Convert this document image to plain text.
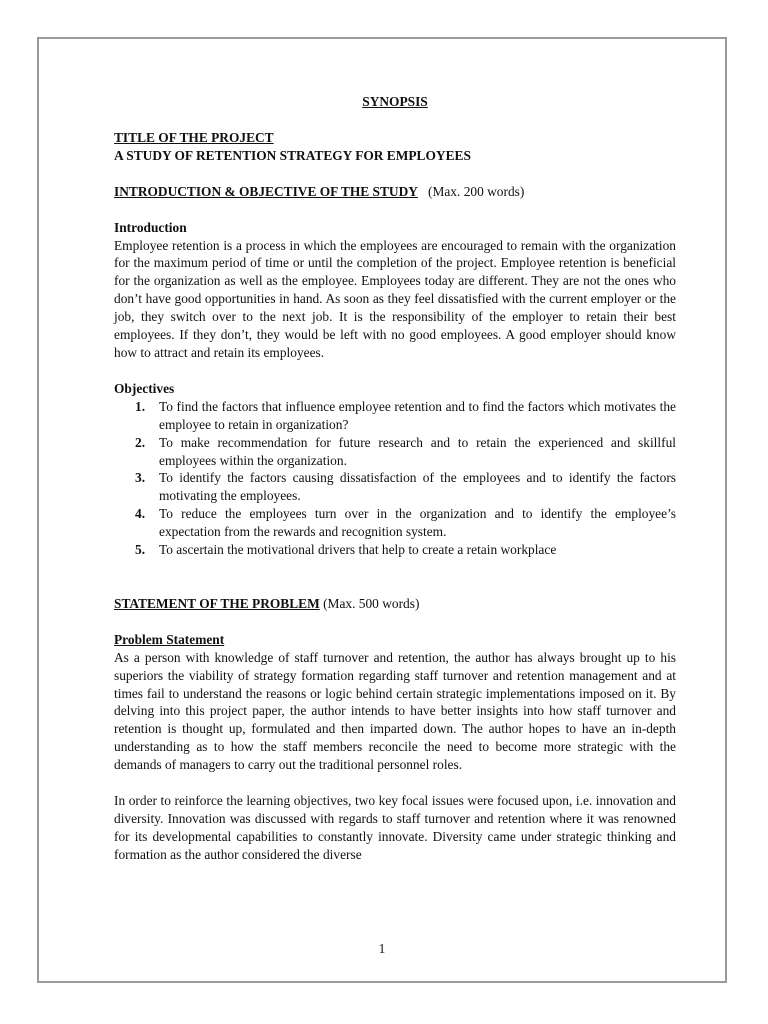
SYNOPSIS

TITLE OF THE PROJECT

A STUDY OF RETENTION STRATEGY FOR EMPLOYEES

INTRODUCTION & OBJECTIVE OF THE STUDY (Max. 200 words)

Introduction

Employee retention is a process in which the employees are encouraged to remain with the organization for the maximum period of time or until the completion of the project. Employee retention is beneficial for the organization as well as the employee. Employees today are different. They are not the ones who don’t have good opportunities in hand. As soon as they feel dissatisfied with the current employer or the job, they switch over to the next job. It is the responsibility of the employer to retain their best employees. If they don’t, they would be left with no good employees. A good employer should know how to attract and retain its employees.

Objectives

1. To find the factors that influence employee retention and to find the factors which motivates the employee to retain in organization?
2. To make recommendation for future research and to retain the experienced and skillful employees within the organization.
3. To identify the factors causing dissatisfaction of the employees and to identify the factors motivating the employees.
4. To reduce the employees turn over in the organization and to identify the employee’s expectation from the rewards and recognition system.
5. To ascertain the motivational drivers that help to create a retain workplace

STATEMENT OF THE PROBLEM (Max. 500 words)

Problem Statement

As a person with knowledge of staff turnover and retention, the author has always brought up to his superiors the viability of strategy formation regarding staff turnover and retention management and at times fail to understand the reasons or logic behind certain strategic implementations imposed on it. By delving into this project paper, the author intends to have better insights into how staff turnover and retention is thought up, formulated and then imparted down. The author hopes to have an in-depth understanding as to how the staff members reconcile the need to become more strategic with the demands of managers to carry out the traditional personnel roles.

In order to reinforce the learning objectives, two key focal issues were focused upon, i.e. innovation and diversity. Innovation was discussed with regards to staff turnover and retention where it was renowned for its developmental capabilities to constantly innovate. Diversity came under strategic thinking and formation as the author considered the diverse

1
